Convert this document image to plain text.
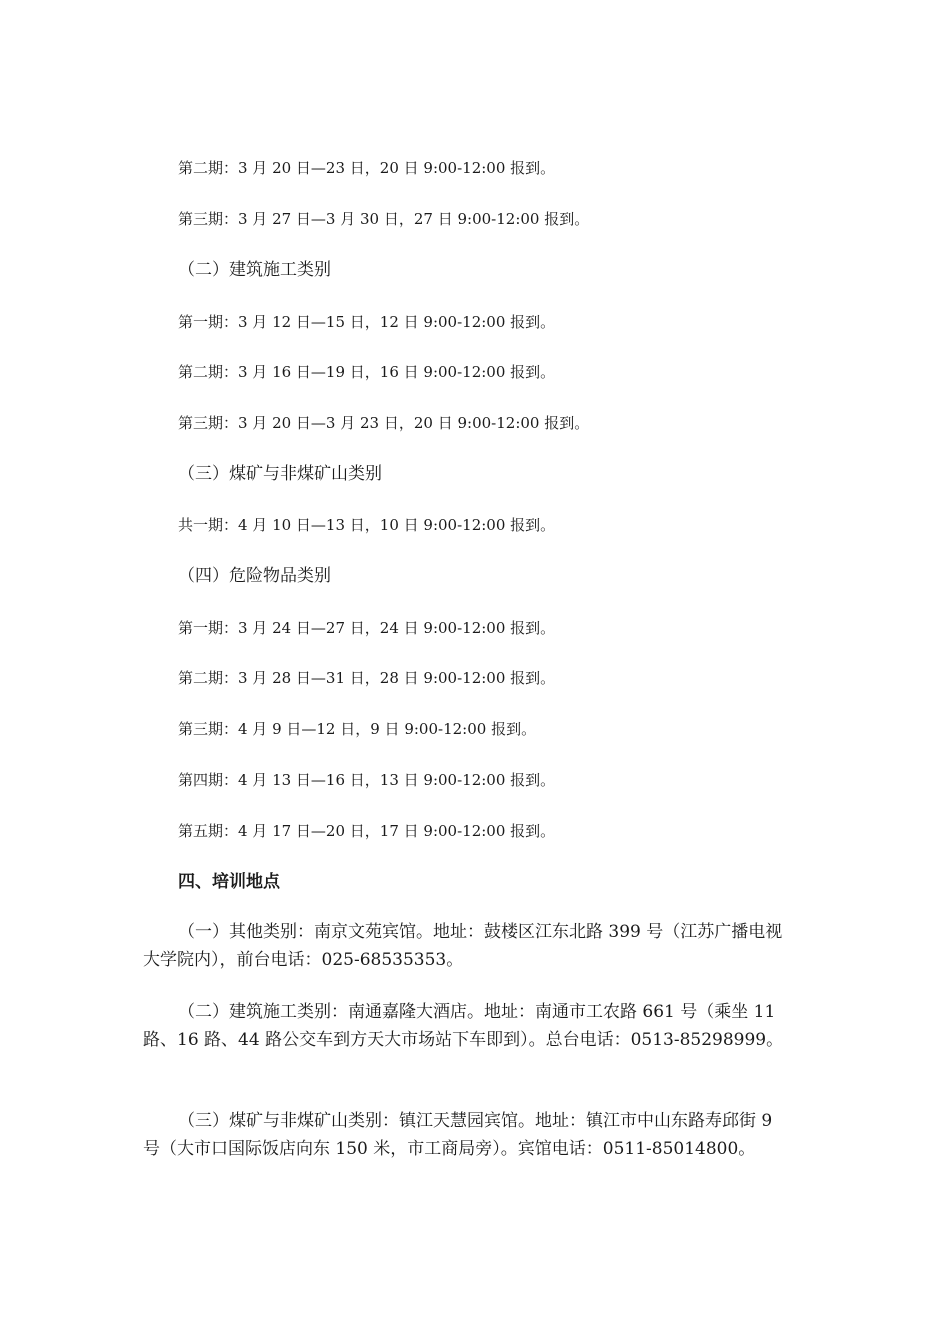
第二期：3 月 20 日—23 日，20 日 9:00-12:00 报到。
第三期：3 月 27 日—3 月 30 日，27 日 9:00-12:00 报到。
（二）建筑施工类别
第一期：3 月 12 日—15 日，12 日 9:00-12:00 报到。
第二期：3 月 16 日—19 日，16 日 9:00-12:00 报到。
第三期：3 月 20 日—3 月 23 日，20 日 9:00-12:00 报到。
（三）煤矿与非煤矿山类别
共一期：4 月 10 日—13 日，10 日 9:00-12:00 报到。
（四）危险物品类别
第一期：3 月 24 日—27 日，24 日 9:00-12:00 报到。
第二期：3 月 28 日—31 日，28 日 9:00-12:00 报到。
第三期：4 月 9 日—12 日，9 日 9:00-12:00 报到。
第四期：4 月 13 日—16 日，13 日 9:00-12:00 报到。
第五期：4 月 17 日—20 日，17 日 9:00-12:00 报到。
四、培训地点
（一）其他类别：南京文苑宾馆。地址：鼓楼区江东北路 399 号（江苏广播电视大学院内），前台电话：025-68535353。
（二）建筑施工类别：南通嘉隆大酒店。地址：南通市工农路 661 号（乘坐 11 路、16 路、44 路公交车到方天大市场站下车即到）。总台电话：0513-85298999。
（三）煤矿与非煤矿山类别：镇江天慧园宾馆。地址：镇江市中山东路寿邱街 9 号（大市口国际饭店向东 150 米，市工商局旁）。宾馆电话：0511-85014800。
